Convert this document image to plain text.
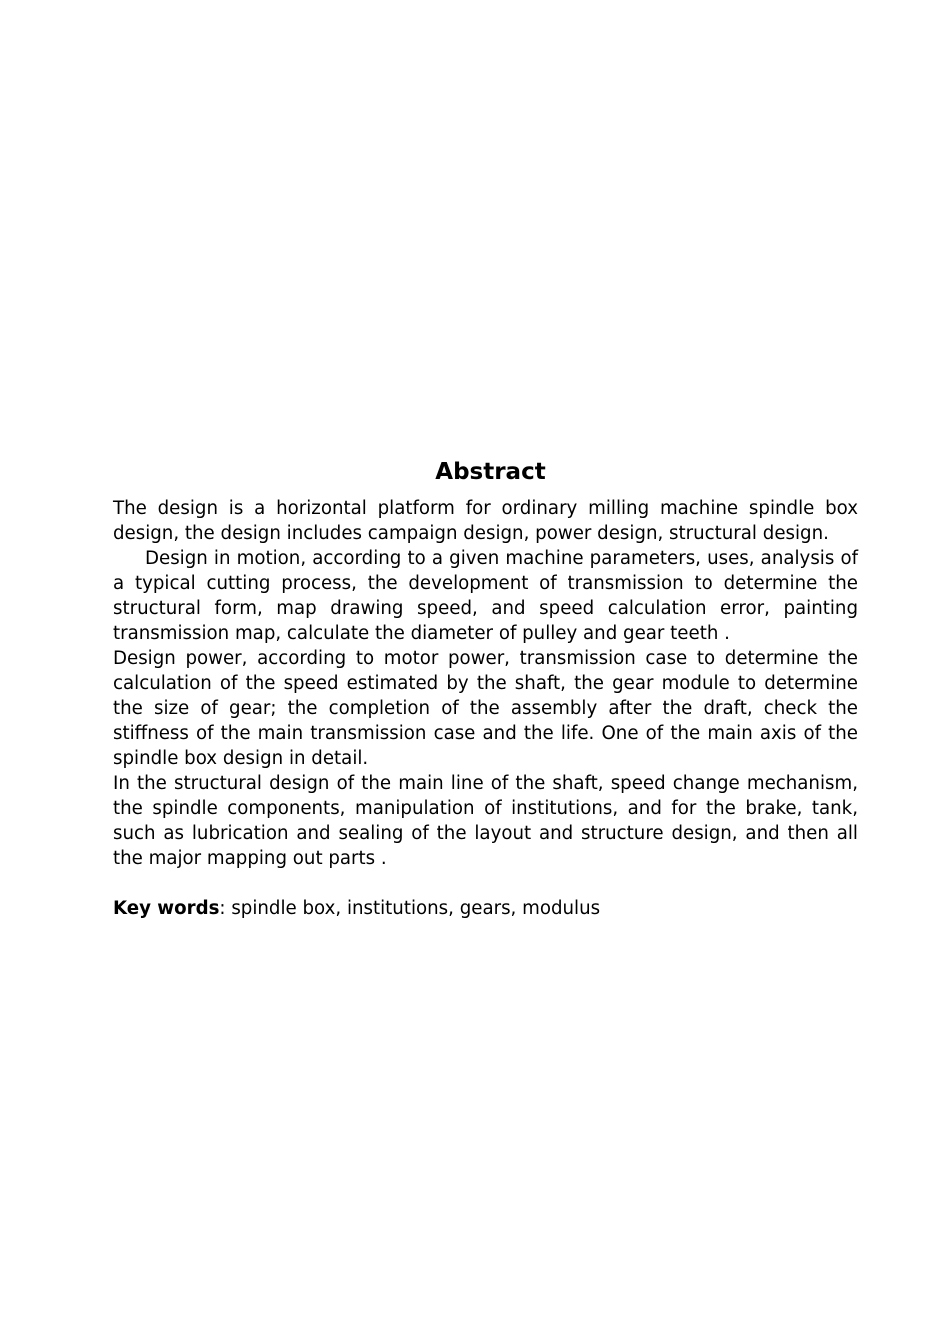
Abstract

The design is a horizontal platform for ordinary milling machine spindle box design, the design includes campaign design, power design, structural design.

Design in motion, according to a given machine parameters, uses, analysis of a typical cutting process, the development of transmission to determine the structural form, map drawing speed, and speed calculation error, painting transmission map, calculate the diameter of pulley and gear teeth .

Design power, according to motor power, transmission case to determine the calculation of the speed estimated by the shaft, the gear module to determine the size of gear; the completion of the assembly after the draft, check the stiffness of the main transmission case and the life. One of the main axis of the spindle box design in detail.

In the structural design of the main line of the shaft, speed change mechanism, the spindle components, manipulation of institutions, and for the brake, tank, such as lubrication and sealing of the layout and structure design, and then all the major mapping out parts .

Key words: spindle box, institutions, gears, modulus
